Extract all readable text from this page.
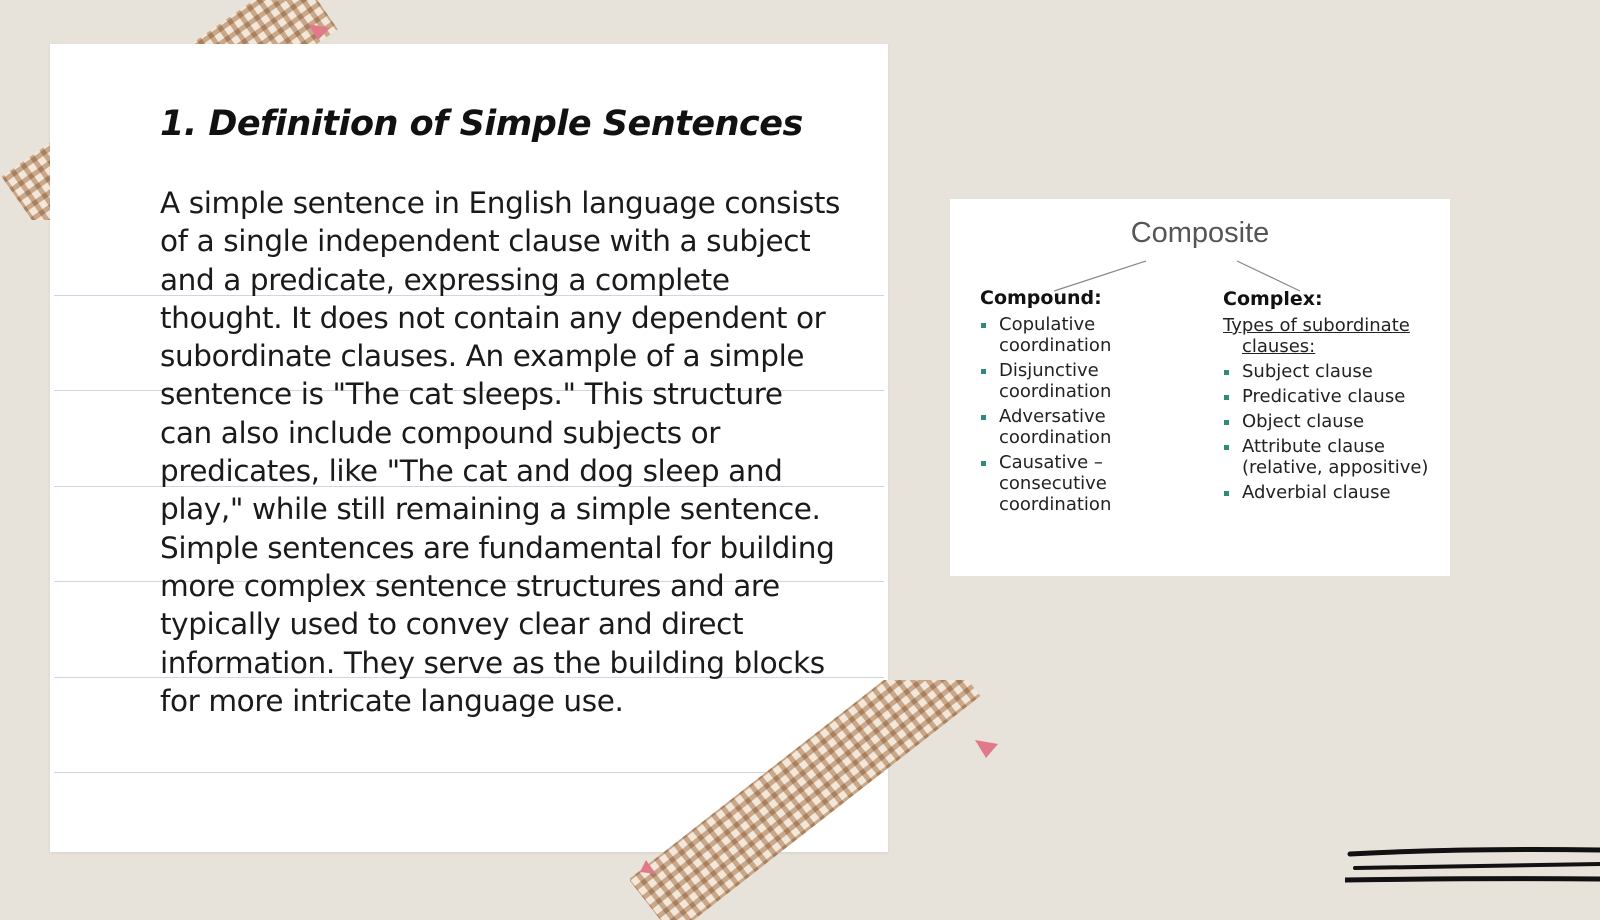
1. Definition of Simple Sentences

A simple sentence in English language consists of a single independent clause with a subject and a predicate, expressing a complete thought. It does not contain any dependent or subordinate clauses. An example of a simple sentence is "The cat sleeps." This structure can also include compound subjects or predicates, like "The cat and dog sleep and play," while still remaining a simple sentence. Simple sentences are fundamental for building more complex sentence structures and are typically used to convey clear and direct information. They serve as the building blocks for more intricate language use.

Composite
Compound:
Copulative coordination
Disjunctive coordination
Adversative coordination
Causative – consecutive coordination
Complex:
Types of subordinate
clauses:
Subject clause
Predicative clause
Object clause
Attribute clause (relative, appositive)
Adverbial clause
